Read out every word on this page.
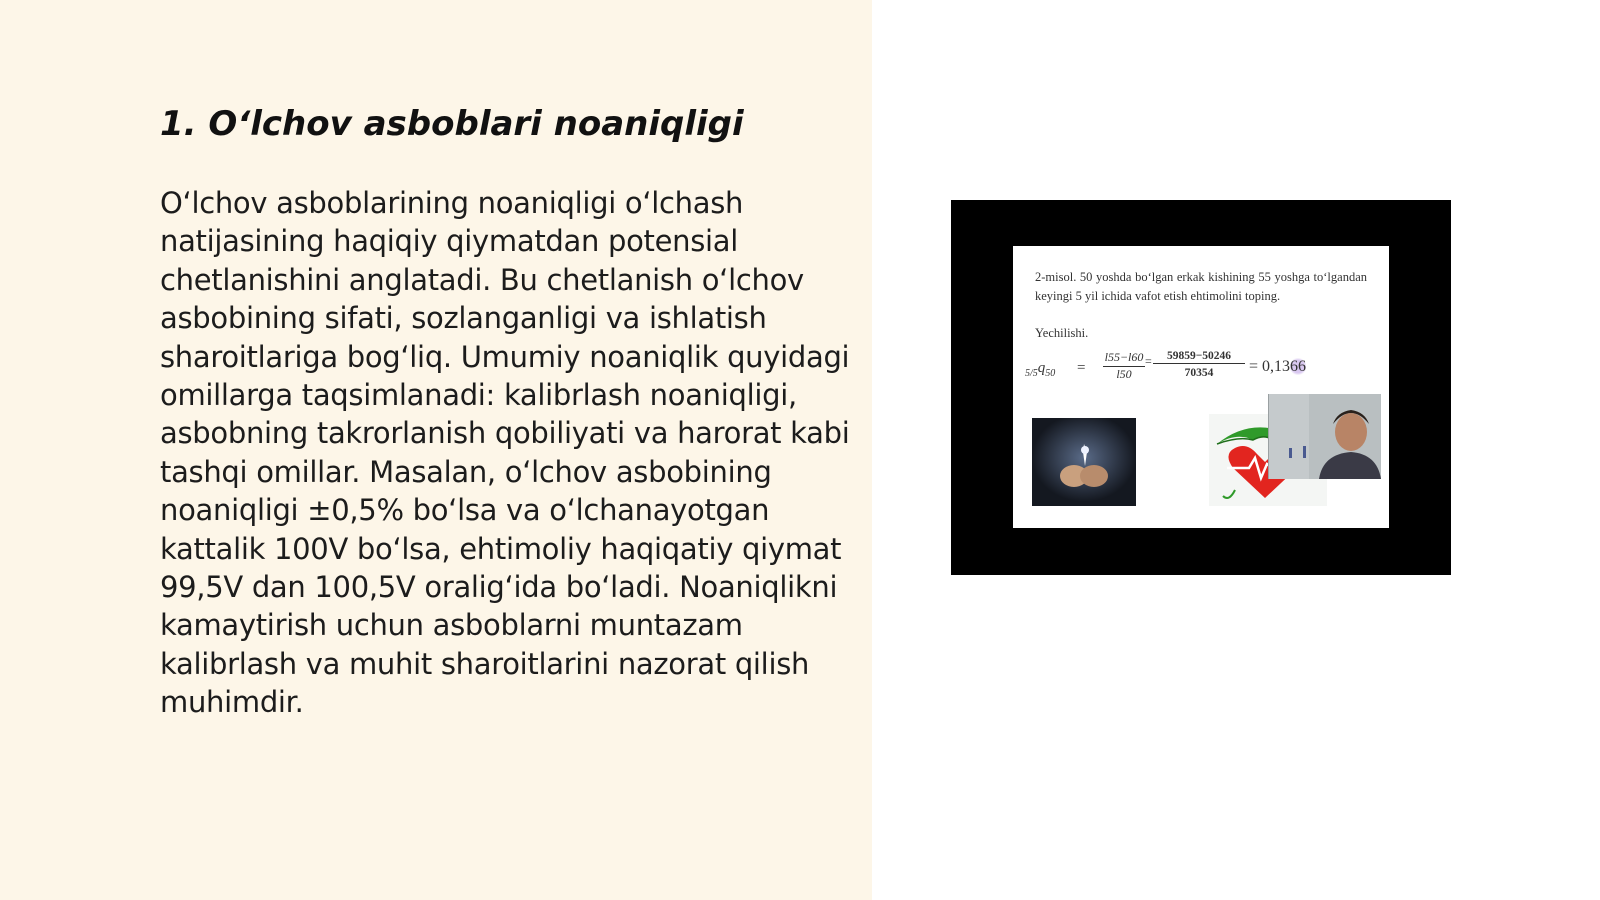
1. O‘lchov asboblari noaniqligi

O‘lchov asboblarining noaniqligi o‘lchash natijasining haqiqiy qiymatdan potensial chetlanishini anglatadi. Bu chetlanish o‘lchov asbobining sifati, sozlanganligi va ishlatish sharoitlariga bog‘liq. Umumiy noaniqlik quyidagi omillarga taqsimlanadi: kalibrlash noaniqligi, asbobning takrorlanish qobiliyati va harorat kabi tashqi omillar. Masalan, o‘lchov asbobining noaniqligi ±0,5% bo‘lsa va o‘lchanayotgan kattalik 100V bo‘lsa, ehtimoliy haqiqatiy qiymat 99,5V dan 100,5V oralig‘ida bo‘ladi. Noaniqlikni kamaytirish uchun asboblarni muntazam kalibrlash va muhit sharoitlarini nazorat qilish muhimdir.

2-misol. 50 yoshda bo‘lgan erkak kishining 55 yoshga to‘lgandan keyingi 5 yil ichida vafot etish ehtimolini toping.

Yechilishi.
$_{5/5}q_{50} = \frac{l55-l60}{l50} = \frac{59859-50246}{70354} = 0,1366$
